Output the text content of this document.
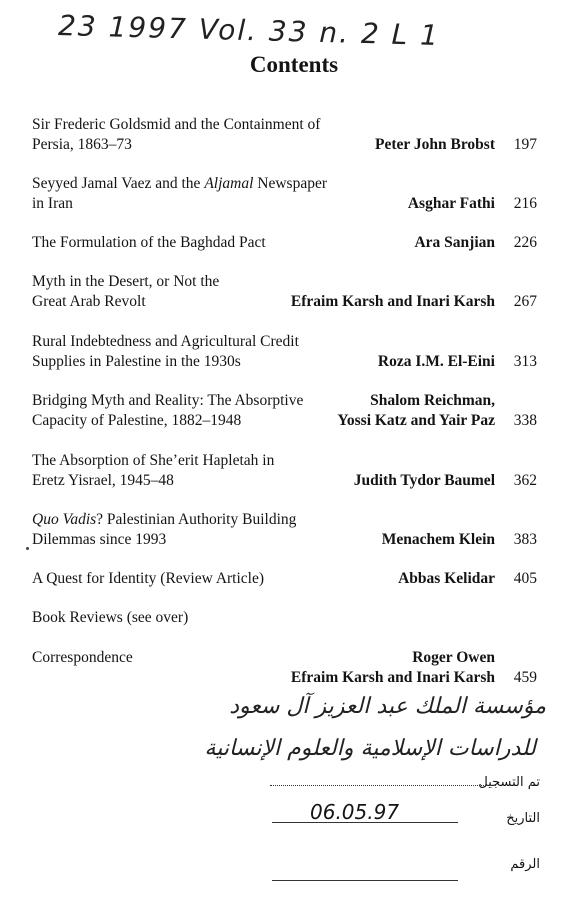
23 1997 Vol. 33 n. 2 L 1
Contents
Sir Frederic Goldsmid and the Containment of
Persia, 1863–73	Peter John Brobst	197
Seyyed Jamal Vaez and the Aljamal Newspaper
in Iran	Asghar Fathi	216
The Formulation of the Baghdad Pact	Ara Sanjian	226
Myth in the Desert, or Not the
Great Arab Revolt	Efraim Karsh and Inari Karsh	267
Rural Indebtedness and Agricultural Credit
Supplies in Palestine in the 1930s	Roza I.M. El-Eini	313
Bridging Myth and Reality: The Absorptive
Capacity of Palestine, 1882–1948
Shalom Reichman,
Yossi Katz and Yair Paz	338
The Absorption of She’erit Hapletah in
Eretz Yisrael, 1945–48	Judith Tydor Baumel	362
Quo Vadis? Palestinian Authority Building
Dilemmas since 1993	Menachem Klein	383
A Quest for Identity (Review Article)	Abbas Kelidar	405
Book Reviews (see over)
Correspondence	Roger Owen
Efraim Karsh and Inari Karsh	459
مؤسسة الملك عبد العزيز آل سعود
للدراسات الإسلامية والعلوم الإنسانية
تم التسجيل
التاريخ
06.05.97
الرقم
